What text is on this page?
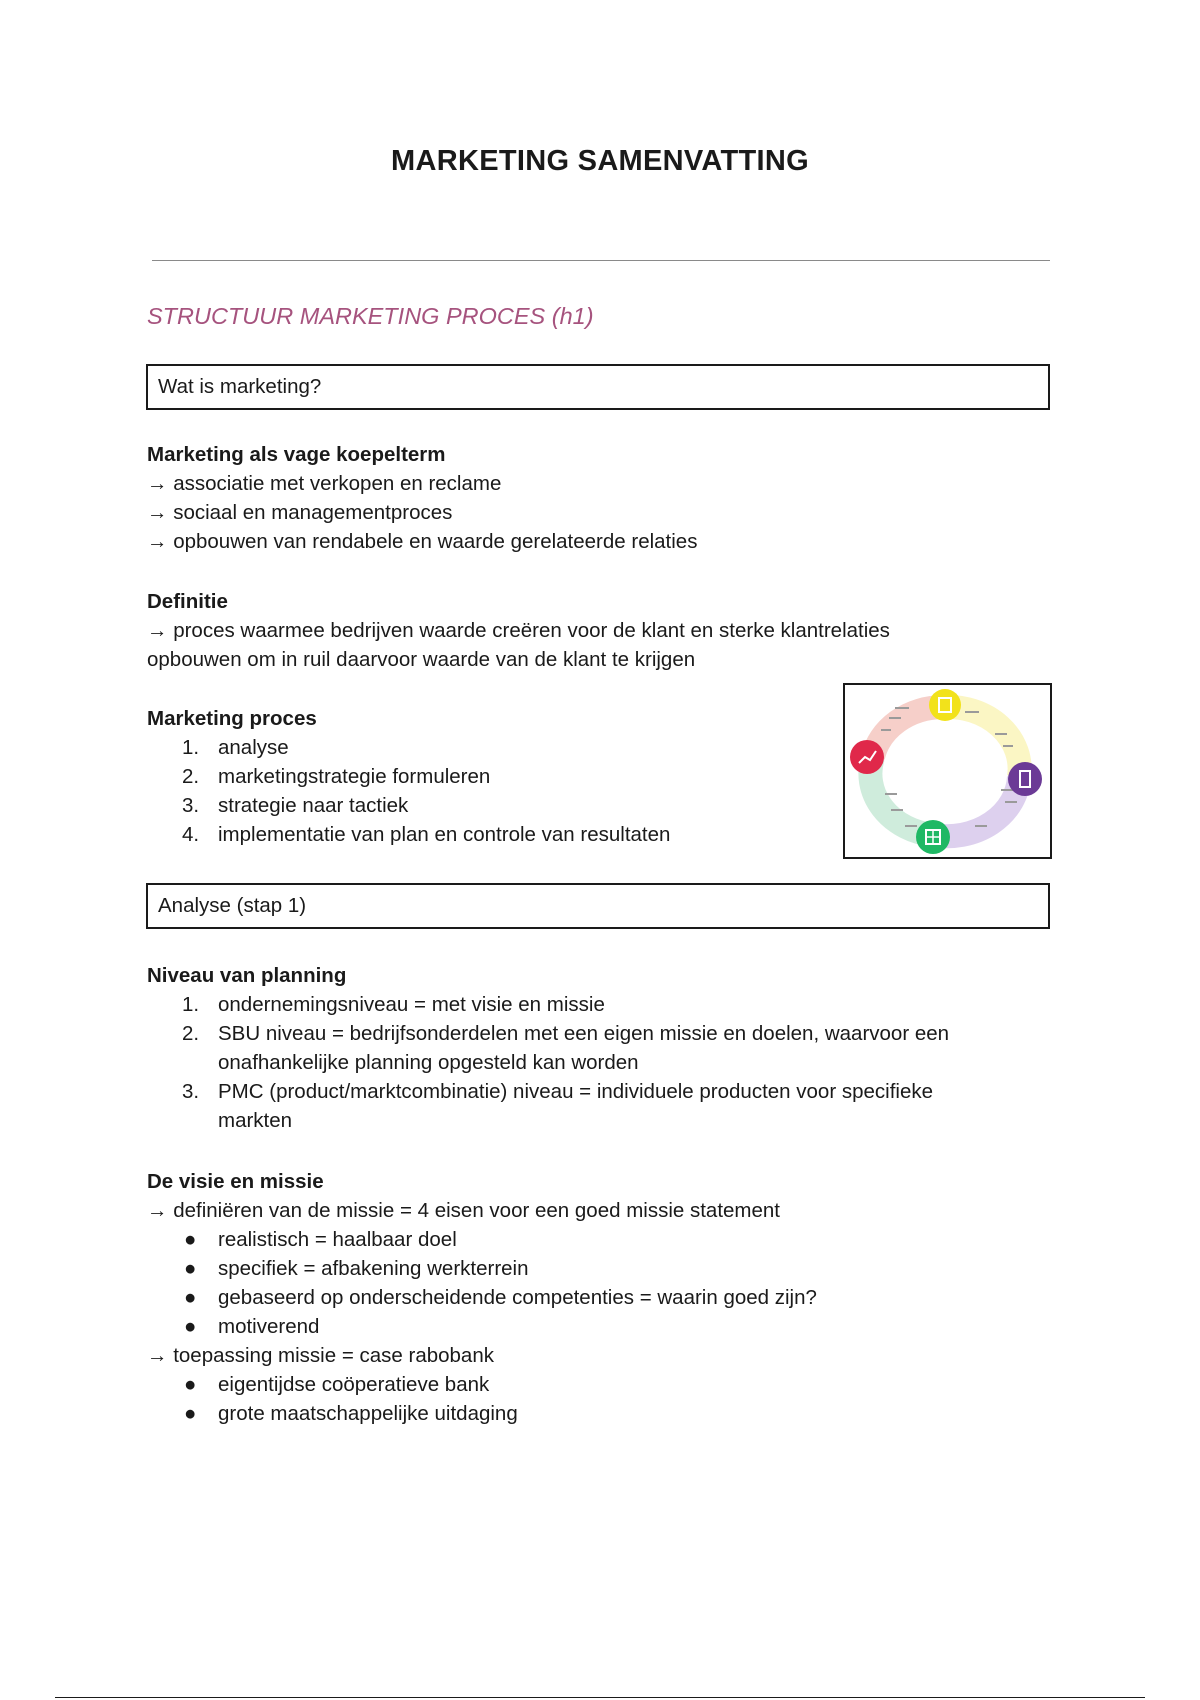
MARKETING SAMENVATTING
STRUCTUUR MARKETING PROCES (h1)
Wat is marketing?
Marketing als vage koepelterm
→ associatie met verkopen en reclame
→ sociaal en managementproces
→ opbouwen van rendabele en waarde gerelateerde relaties
Definitie
→ proces waarmee bedrijven waarde creëren voor de klant en sterke klantrelaties
opbouwen om in ruil daarvoor waarde van de klant te krijgen
Marketing proces
1. analyse
2. marketingstrategie formuleren
3. strategie naar tactiek
4. implementatie van plan en controle van resultaten
Analyse (stap 1)
Niveau van planning
1. ondernemingsniveau = met visie en missie
2. SBU niveau = bedrijfsonderdelen met een eigen missie en doelen, waarvoor een
onafhankelijke planning opgesteld kan worden
3. PMC (product/marktcombinatie) niveau = individuele producten voor specifieke
markten
De visie en missie
→ definiëren van de missie = 4 eisen voor een goed missie statement
● realistisch = haalbaar doel
● specifiek = afbakening werkterrein
● gebaseerd op onderscheidende competenties = waarin goed zijn?
● motiverend
→ toepassing missie = case rabobank
● eigentijdse coöperatieve bank
● grote maatschappelijke uitdaging
